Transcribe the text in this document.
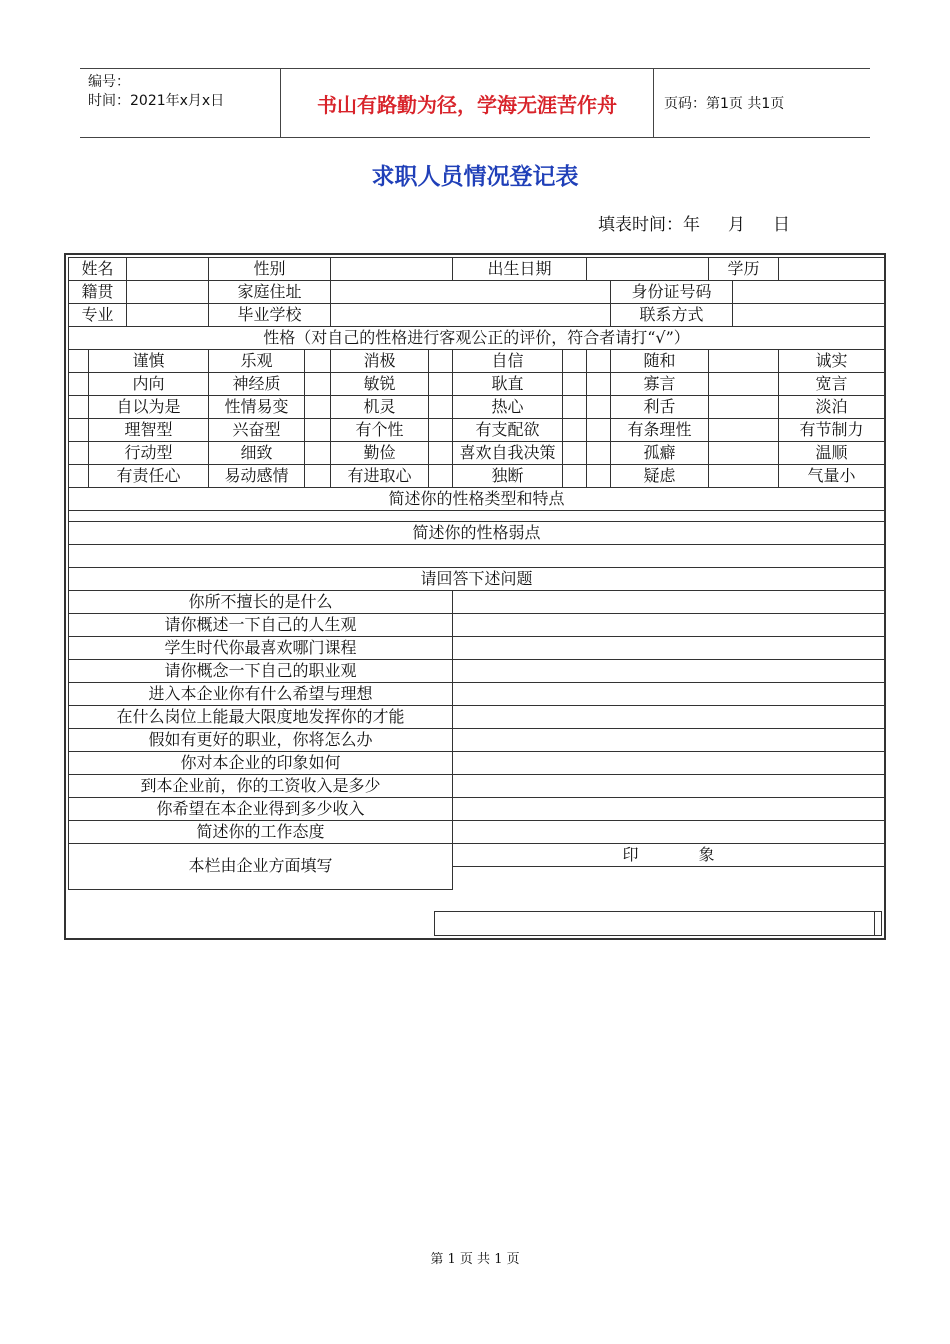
编号：
时间：2021年x月x日	书山有路勤为径，学海无涯苦作舟	页码：第1页 共1页
求职人员情况登记表
填表时间：年 月 日
姓名			性别				出生日期				学历		
籍贯			家庭住址							身份证号码			
专业			毕业学校							联系方式			
性格（对自己的性格进行客观公正的评价，符合者请打“√”）													
	谨慎		乐观		消极		自信			随和			诚实
	内向		神经质		敏锐		耿直			寡言			宽言
	自以为是		性情易变		机灵		热心			利舌			淡泊
	理智型		兴奋型		有个性		有支配欲			有条理性			有节制力
	行动型		细致		勤俭		喜欢自我决策			孤癖			温顺
	有责任心		易动感情		有进取心		独断			疑虑			气量小
简述你的性格类型和特点													

简述你的性格弱点													

请回答下述问题													
你所不擅长的是什么													
请你概述一下自己的人生观													
学生时代你最喜欢哪门课程													
请你概念一下自己的职业观													
进入本企业你有什么希望与理想													
在什么岗位上能最大限度地发挥你的才能													
假如有更好的职业，你将怎么办													
你对本企业的印象如何													
到本企业前，你的工资收入是多少													
你希望在本企业得到多少收入													
简述你的工作态度													
本栏由企业方面填写							印 象						

第 1 页 共 1 页
